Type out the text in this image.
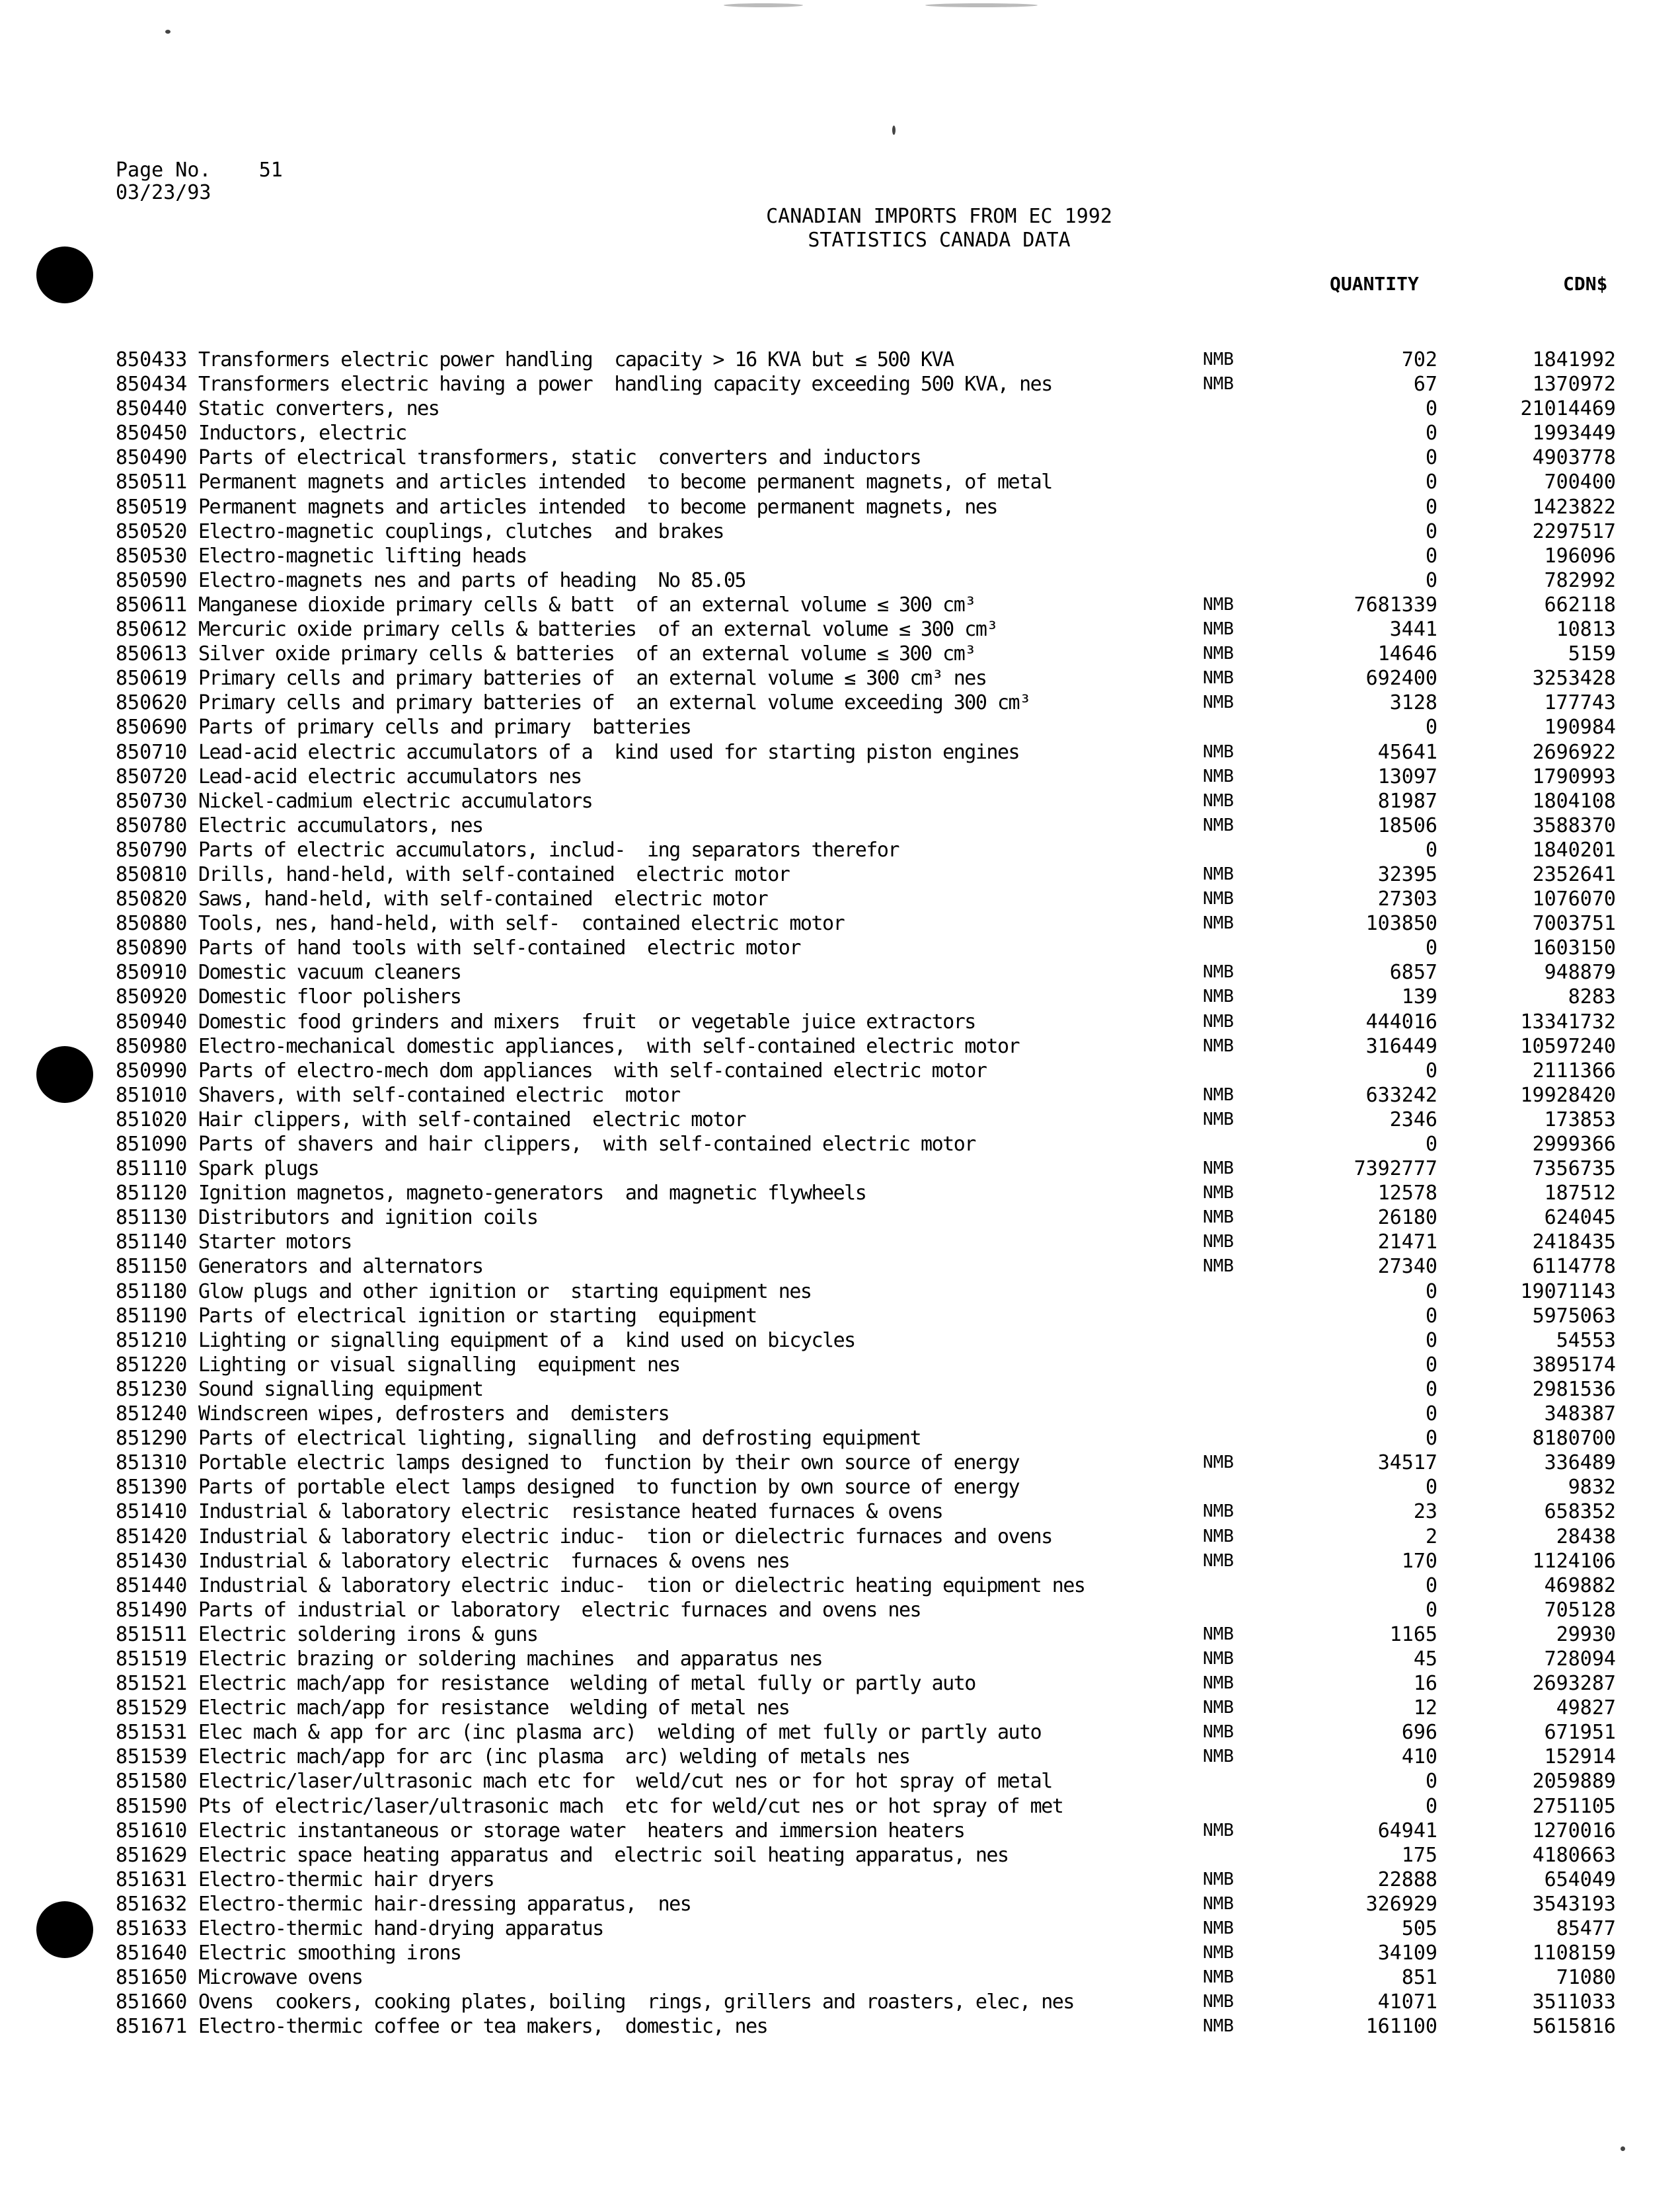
Page No. 51
03/23/93
CANADIAN IMPORTS FROM EC 1992
STATISTICS CANADA DATA
QUANTITY	CDN$
850433 Transformers electric power handling  capacity > 16 KVA but ≤ 500 KVA	NMB	702	1841992
850434 Transformers electric having a power  handling capacity exceeding 500 KVA, nes	NMB	67	1370972
850440 Static converters, nes	0	21014469
850450 Inductors, electric	0	1993449
850490 Parts of electrical transformers, static  converters and inductors	0	4903778
850511 Permanent magnets and articles intended  to become permanent magnets, of metal	0	700400
850519 Permanent magnets and articles intended  to become permanent magnets, nes	0	1423822
850520 Electro-magnetic couplings, clutches  and brakes	0	2297517
850530 Electro-magnetic lifting heads	0	196096
850590 Electro-magnets nes and parts of heading  No 85.05	0	782992
850611 Manganese dioxide primary cells & batt  of an external volume ≤ 300 cm³	NMB	7681339	662118
850612 Mercuric oxide primary cells & batteries  of an external volume ≤ 300 cm³	NMB	3441	10813
850613 Silver oxide primary cells & batteries  of an external volume ≤ 300 cm³	NMB	14646	5159
850619 Primary cells and primary batteries of  an external volume ≤ 300 cm³ nes	NMB	692400	3253428
850620 Primary cells and primary batteries of  an external volume exceeding 300 cm³	NMB	3128	177743
850690 Parts of primary cells and primary  batteries	0	190984
850710 Lead-acid electric accumulators of a  kind used for starting piston engines	NMB	45641	2696922
850720 Lead-acid electric accumulators nes	NMB	13097	1790993
850730 Nickel-cadmium electric accumulators	NMB	81987	1804108
850780 Electric accumulators, nes	NMB	18506	3588370
850790 Parts of electric accumulators, includ-  ing separators therefor	0	1840201
850810 Drills, hand-held, with self-contained  electric motor	NMB	32395	2352641
850820 Saws, hand-held, with self-contained  electric motor	NMB	27303	1076070
850880 Tools, nes, hand-held, with self-  contained electric motor	NMB	103850	7003751
850890 Parts of hand tools with self-contained  electric motor	0	1603150
850910 Domestic vacuum cleaners	NMB	6857	948879
850920 Domestic floor polishers	NMB	139	8283
850940 Domestic food grinders and mixers  fruit  or vegetable juice extractors	NMB	444016	13341732
850980 Electro-mechanical domestic appliances,  with self-contained electric motor	NMB	316449	10597240
850990 Parts of electro-mech dom appliances  with self-contained electric motor	0	2111366
851010 Shavers, with self-contained electric  motor	NMB	633242	19928420
851020 Hair clippers, with self-contained  electric motor	NMB	2346	173853
851090 Parts of shavers and hair clippers,  with self-contained electric motor	0	2999366
851110 Spark plugs	NMB	7392777	7356735
851120 Ignition magnetos, magneto-generators  and magnetic flywheels	NMB	12578	187512
851130 Distributors and ignition coils	NMB	26180	624045
851140 Starter motors	NMB	21471	2418435
851150 Generators and alternators	NMB	27340	6114778
851180 Glow plugs and other ignition or  starting equipment nes	0	19071143
851190 Parts of electrical ignition or starting  equipment	0	5975063
851210 Lighting or signalling equipment of a  kind used on bicycles	0	54553
851220 Lighting or visual signalling  equipment nes	0	3895174
851230 Sound signalling equipment	0	2981536
851240 Windscreen wipes, defrosters and  demisters	0	348387
851290 Parts of electrical lighting, signalling  and defrosting equipment	0	8180700
851310 Portable electric lamps designed to  function by their own source of energy	NMB	34517	336489
851390 Parts of portable elect lamps designed  to function by own source of energy	0	9832
851410 Industrial & laboratory electric  resistance heated furnaces & ovens	NMB	23	658352
851420 Industrial & laboratory electric induc-  tion or dielectric furnaces and ovens	NMB	2	28438
851430 Industrial & laboratory electric  furnaces & ovens nes	NMB	170	1124106
851440 Industrial & laboratory electric induc-  tion or dielectric heating equipment nes	0	469882
851490 Parts of industrial or laboratory  electric furnaces and ovens nes	0	705128
851511 Electric soldering irons & guns	NMB	1165	29930
851519 Electric brazing or soldering machines  and apparatus nes	NMB	45	728094
851521 Electric mach/app for resistance  welding of metal fully or partly auto	NMB	16	2693287
851529 Electric mach/app for resistance  welding of metal nes	NMB	12	49827
851531 Elec mach & app for arc (inc plasma arc)  welding of met fully or partly auto	NMB	696	671951
851539 Electric mach/app for arc (inc plasma  arc) welding of metals nes	NMB	410	152914
851580 Electric/laser/ultrasonic mach etc for  weld/cut nes or for hot spray of metal	0	2059889
851590 Pts of electric/laser/ultrasonic mach  etc for weld/cut nes or hot spray of met	0	2751105
851610 Electric instantaneous or storage water  heaters and immersion heaters	NMB	64941	1270016
851629 Electric space heating apparatus and  electric soil heating apparatus, nes	175	4180663
851631 Electro-thermic hair dryers	NMB	22888	654049
851632 Electro-thermic hair-dressing apparatus,  nes	NMB	326929	3543193
851633 Electro-thermic hand-drying apparatus	NMB	505	85477
851640 Electric smoothing irons	NMB	34109	1108159
851650 Microwave ovens	NMB	851	71080
851660 Ovens  cookers, cooking plates, boiling  rings, grillers and roasters, elec, nes	NMB	41071	3511033
851671 Electro-thermic coffee or tea makers,  domestic, nes	NMB	161100	5615816
